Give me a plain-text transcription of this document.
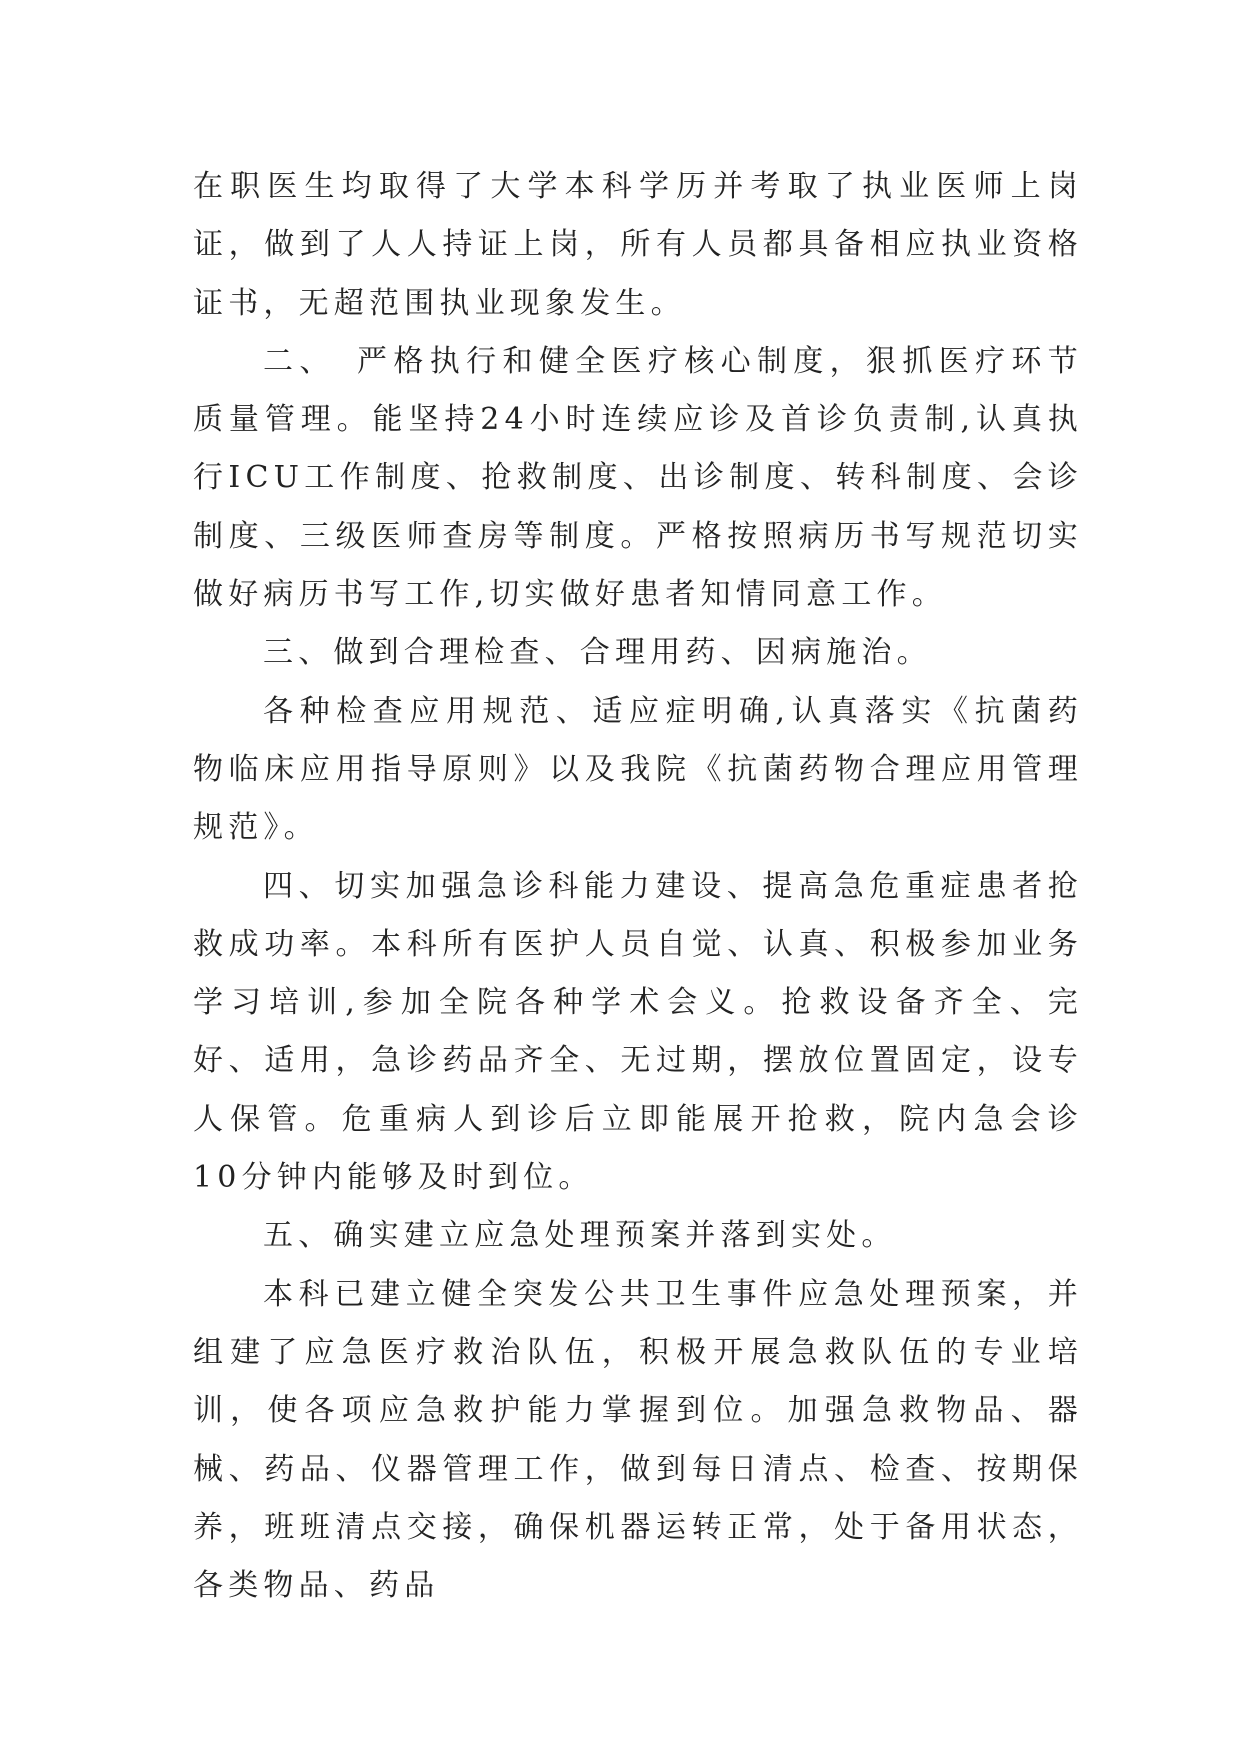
在职医生均取得了大学本科学历并考取了执业医师上岗证，做到了人人持证上岗，所有人员都具备相应执业资格证书，无超范围执业现象发生。

二、　严格执行和健全医疗核心制度，狠抓医疗环节质量管理。能坚持24小时连续应诊及首诊负责制,认真执行ICU工作制度、抢救制度、出诊制度、转科制度、会诊制度、三级医师查房等制度。严格按照病历书写规范切实做好病历书写工作,切实做好患者知情同意工作。

三、做到合理检查、合理用药、因病施治。

各种检查应用规范、适应症明确,认真落实《抗菌药物临床应用指导原则》以及我院《抗菌药物合理应用管理规范》。

四、切实加强急诊科能力建设、提高急危重症患者抢救成功率。本科所有医护人员自觉、认真、积极参加业务学习培训,参加全院各种学术会义。抢救设备齐全、完好、适用，急诊药品齐全、无过期，摆放位置固定，设专人保管。危重病人到诊后立即能展开抢救，院内急会诊10分钟内能够及时到位。

五、确实建立应急处理预案并落到实处。

本科已建立健全突发公共卫生事件应急处理预案，并组建了应急医疗救治队伍，积极开展急救队伍的专业培训，使各项应急救护能力掌握到位。加强急救物品、器械、药品、仪器管理工作，做到每日清点、检查、按期保养，班班清点交接，确保机器运转正常，处于备用状态，各类物品、药品
